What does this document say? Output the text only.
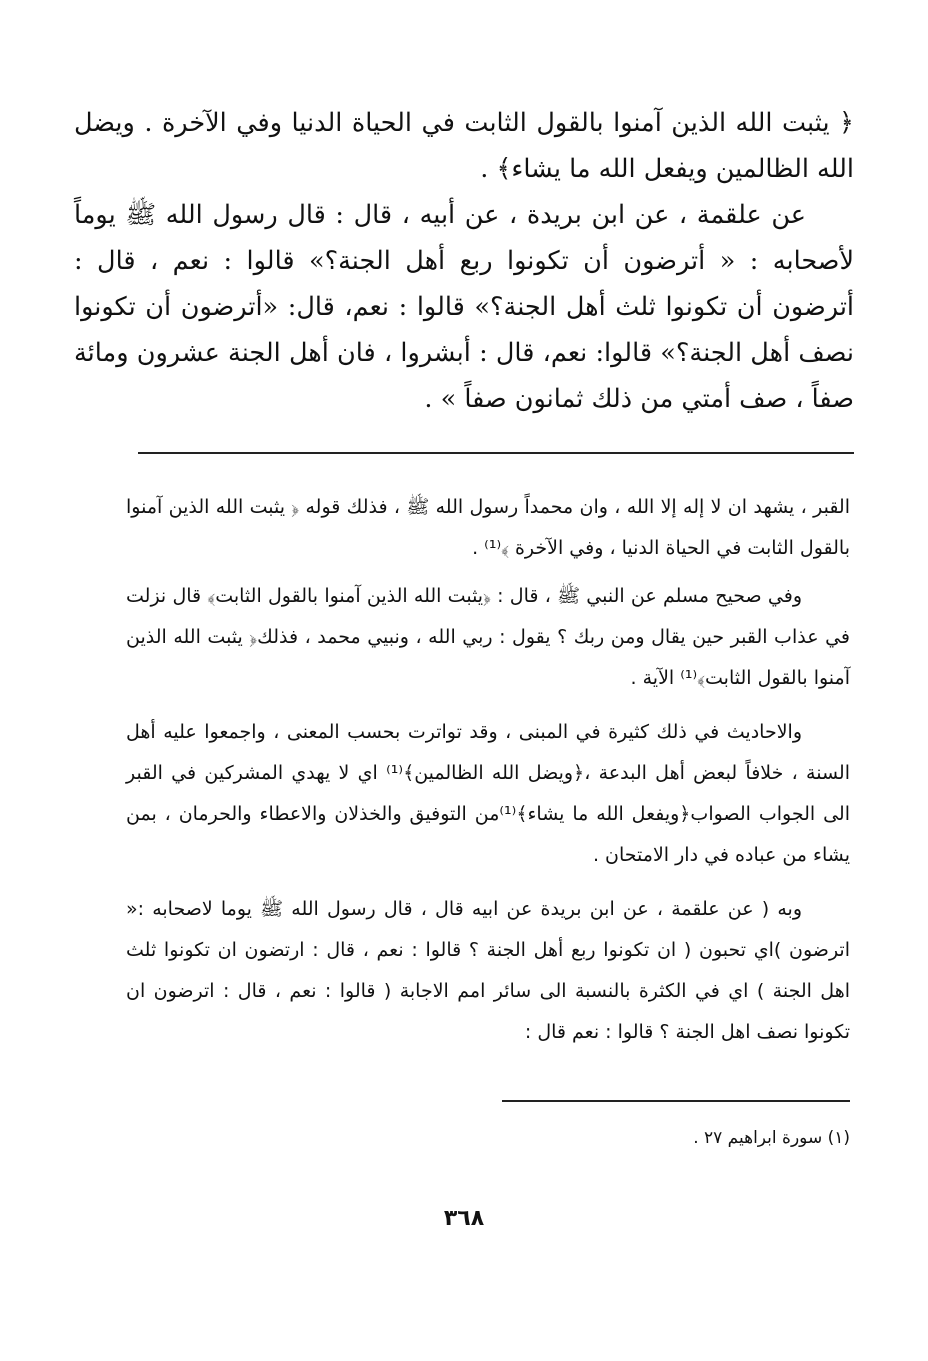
﴿ يثبت الله الذين آمنوا بالقول الثابت في الحياة الدنيا وفي الآخرة . ويضل الله الظالمين ويفعل الله ما يشاء﴾ .

عن علقمة ، عن ابن بريدة ، عن أبيه ، قال : قال رسول الله ﷺ يوماً لأصحابه : « أترضون أن تكونوا ربع أهل الجنة؟» قالوا : نعم ، قال : أترضون أن تكونوا ثلث أهل الجنة؟» قالوا : نعم، قال: «أترضون أن تكونوا نصف أهل الجنة؟» قالوا: نعم، قال : أبشروا ، فان أهل الجنة عشرون ومائة صفاً ، صف أمتي من ذلك ثمانون صفاً » .

القبر ، يشهد ان لا إله إلا الله ، وان محمداً رسول الله ﷺ ، فذلك قوله ﴿ يثبت الله الذين آمنوا بالقول الثابت في الحياة الدنيا ، وفي الآخرة ﴾⁽¹⁾ .

وفي صحيح مسلم عن النبي ﷺ ، قال : ﴿يثبت الله الذين آمنوا بالقول الثابت﴾ قال نزلت في عذاب القبر حين يقال ومن ربك ؟ يقول : ربي الله ، ونبيي محمد ، فذلك﴿ يثبت الله الذين آمنوا بالقول الثابت﴾⁽¹⁾ الآية .

والاحاديث في ذلك كثيرة في المبنى ، وقد تواترت بحسب المعنى ، واجمعوا عليه أهل السنة ، خلافاً لبعض أهل البدعة ،﴿ويضل الله الظالمين﴾⁽¹⁾ اي لا يهدي المشركين في القبر الى الجواب الصواب﴿ويفعل الله ما يشاء﴾⁽¹⁾من التوفيق والخذلان والاعطاء والحرمان ، بمن يشاء من عباده في دار الامتحان .

وبه ( عن علقمة ، عن ابن بريدة عن ابيه قال ، قال رسول الله ﷺ يوما لاصحابه :« اترضون )اي تحبون ( ان تكونوا ربع أهل الجنة ؟ قالوا : نعم ، قال : ارتضون ان تكونوا ثلث اهل الجنة ) اي في الكثرة بالنسبة الى سائر امم الاجابة ( قالوا : نعم ، قال : اترضون ان تكونوا نصف اهل الجنة ؟ قالوا : نعم قال :

(١) سورة ابراهيم ٢٧ .
٣٦٨
